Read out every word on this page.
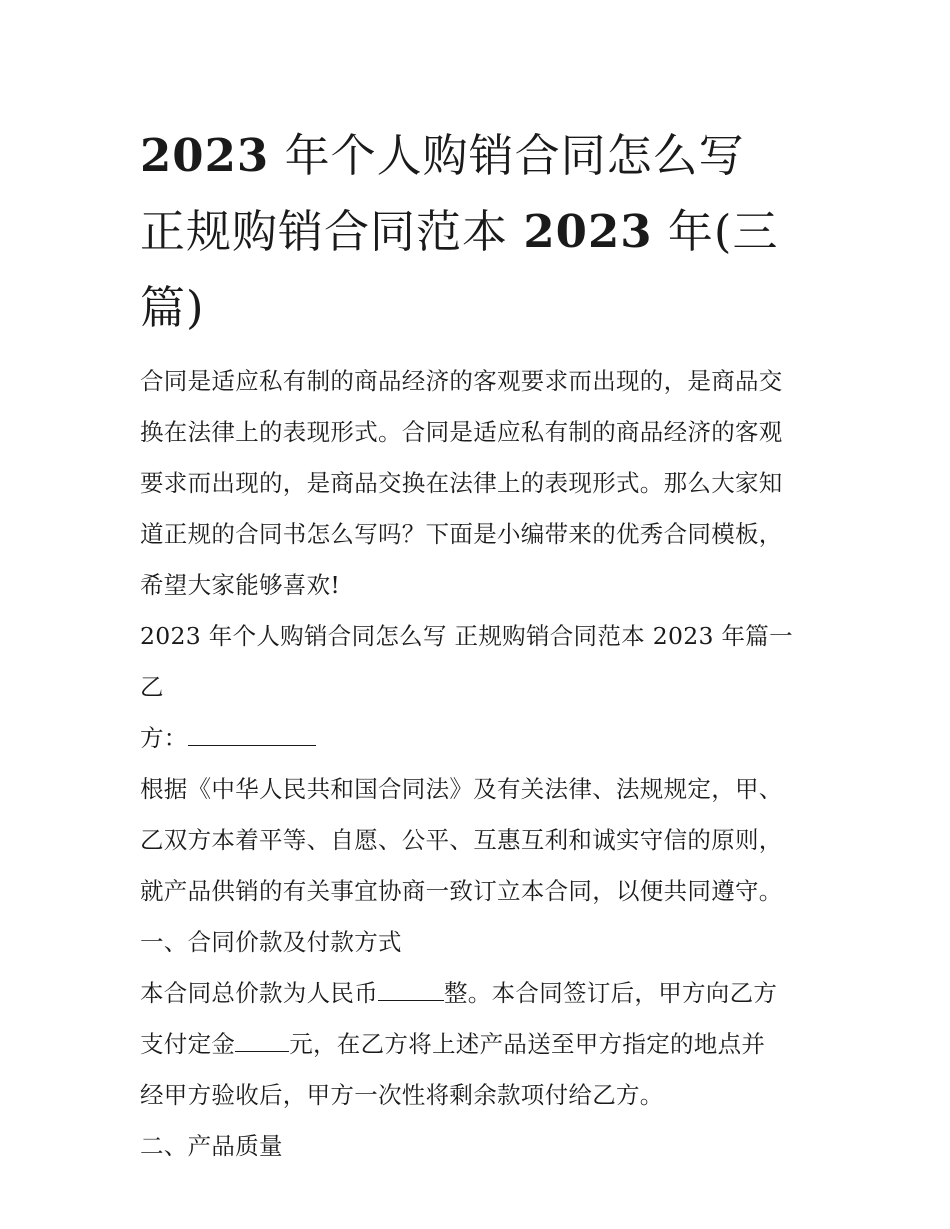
2023 年个人购销合同怎么写
正规购销合同范本 2023 年(三
篇)

合同是适应私有制的商品经济的客观要求而出现的，是商品交

换在法律上的表现形式。合同是适应私有制的商品经济的客观

要求而出现的，是商品交换在法律上的表现形式。那么大家知

道正规的合同书怎么写吗？下面是小编带来的优秀合同模板，

希望大家能够喜欢!

2023 年个人购销合同怎么写 正规购销合同范本 2023 年篇一 乙

方：

根据《中华人民共和国合同法》及有关法律、法规规定，甲、

乙双方本着平等、自愿、公平、互惠互利和诚实守信的原则，

就产品供销的有关事宜协商一致订立本合同，以便共同遵守。

一、合同价款及付款方式

本合同总价款为人民币	整。本合同签订后，甲方向乙方

支付定金 元，在乙方将上述产品送至甲方指定的地点并

经甲方验收后，甲方一次性将剩余款项付给乙方。

二、产品质量
